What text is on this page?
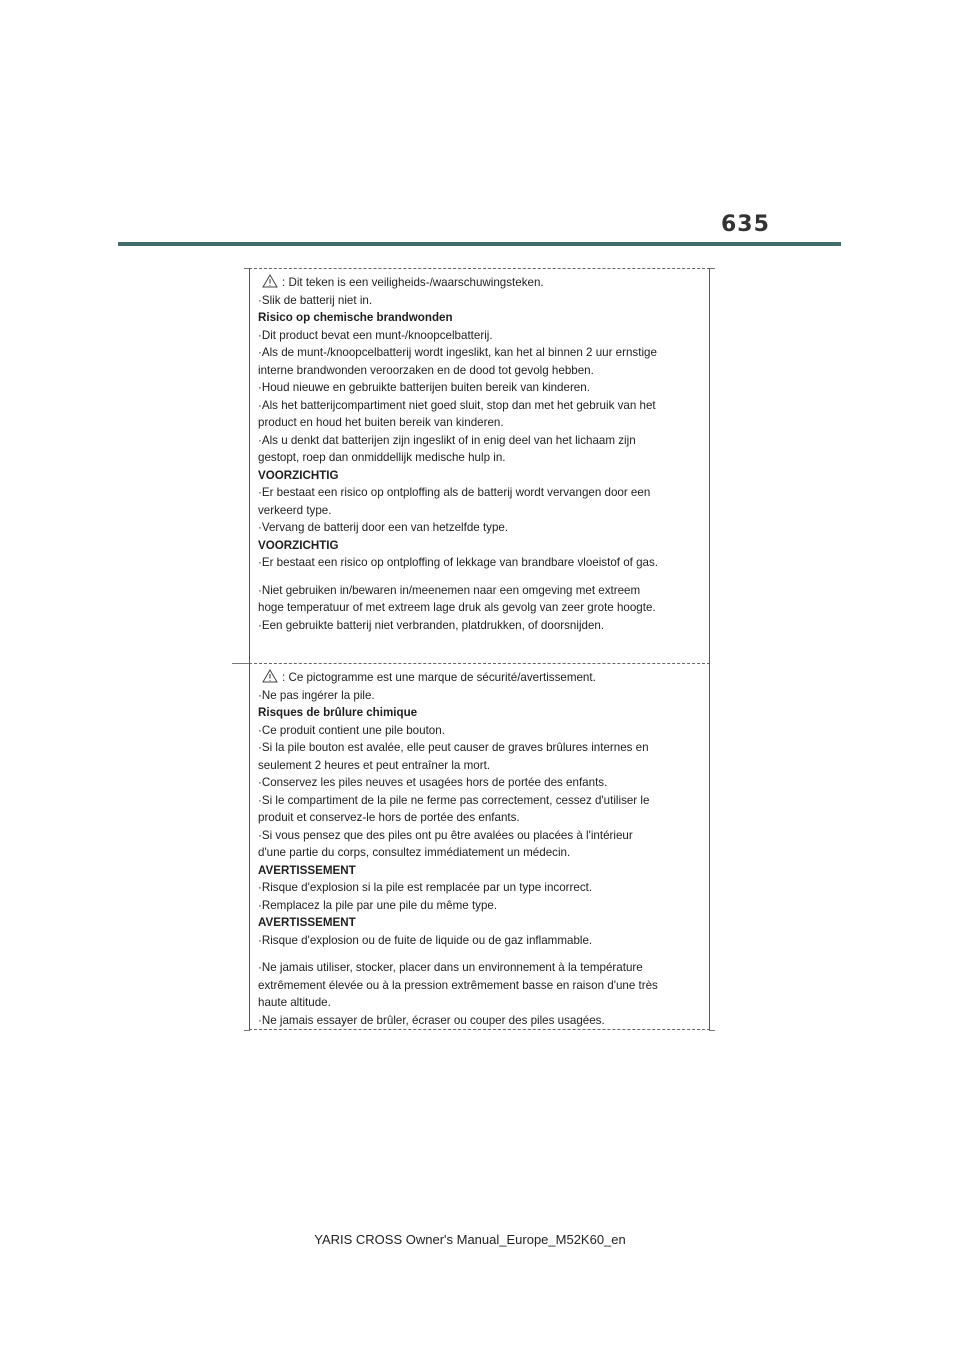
635
: Dit teken is een veiligheids-/waarschuwingsteken.
·Slik de batterij niet in.
Risico op chemische brandwonden
·Dit product bevat een munt-/knoopcelbatterij.
·Als de munt-/knoopcelbatterij wordt ingeslikt, kan het al binnen 2 uur ernstige
interne brandwonden veroorzaken en de dood tot gevolg hebben.
·Houd nieuwe en gebruikte batterijen buiten bereik van kinderen.
·Als het batterijcompartiment niet goed sluit, stop dan met het gebruik van het
product en houd het buiten bereik van kinderen.
·Als u denkt dat batterijen zijn ingeslikt of in enig deel van het lichaam zijn
gestopt, roep dan onmiddellijk medische hulp in.
VOORZICHTIG
·Er bestaat een risico op ontploffing als de batterij wordt vervangen door een
verkeerd type.
·Vervang de batterij door een van hetzelfde type.
VOORZICHTIG
·Er bestaat een risico op ontploffing of lekkage van brandbare vloeistof of gas.
·Niet gebruiken in/bewaren in/meenemen naar een omgeving met extreem
hoge temperatuur of met extreem lage druk als gevolg van zeer grote hoogte.
·Een gebruikte batterij niet verbranden, platdrukken, of doorsnijden.
: Ce pictogramme est une marque de sécurité/avertissement.
·Ne pas ingérer la pile.
Risques de brûlure chimique
·Ce produit contient une pile bouton.
·Si la pile bouton est avalée, elle peut causer de graves brûlures internes en
seulement 2 heures et peut entraîner la mort.
·Conservez les piles neuves et usagées hors de portée des enfants.
·Si le compartiment de la pile ne ferme pas correctement, cessez d'utiliser le
produit et conservez-le hors de portée des enfants.
·Si vous pensez que des piles ont pu être avalées ou placées à l'intérieur
d'une partie du corps, consultez immédiatement un médecin.
AVERTISSEMENT
·Risque d'explosion si la pile est remplacée par un type incorrect.
·Remplacez la pile par une pile du même type.
AVERTISSEMENT
·Risque d'explosion ou de fuite de liquide ou de gaz inflammable.
·Ne jamais utiliser, stocker, placer dans un environnement à la température
extrêmement élevée ou à la pression extrêmement basse en raison d'une très
haute altitude.
·Ne jamais essayer de brûler, écraser ou couper des piles usagées.
YARIS CROSS Owner's Manual_Europe_M52K60_en
